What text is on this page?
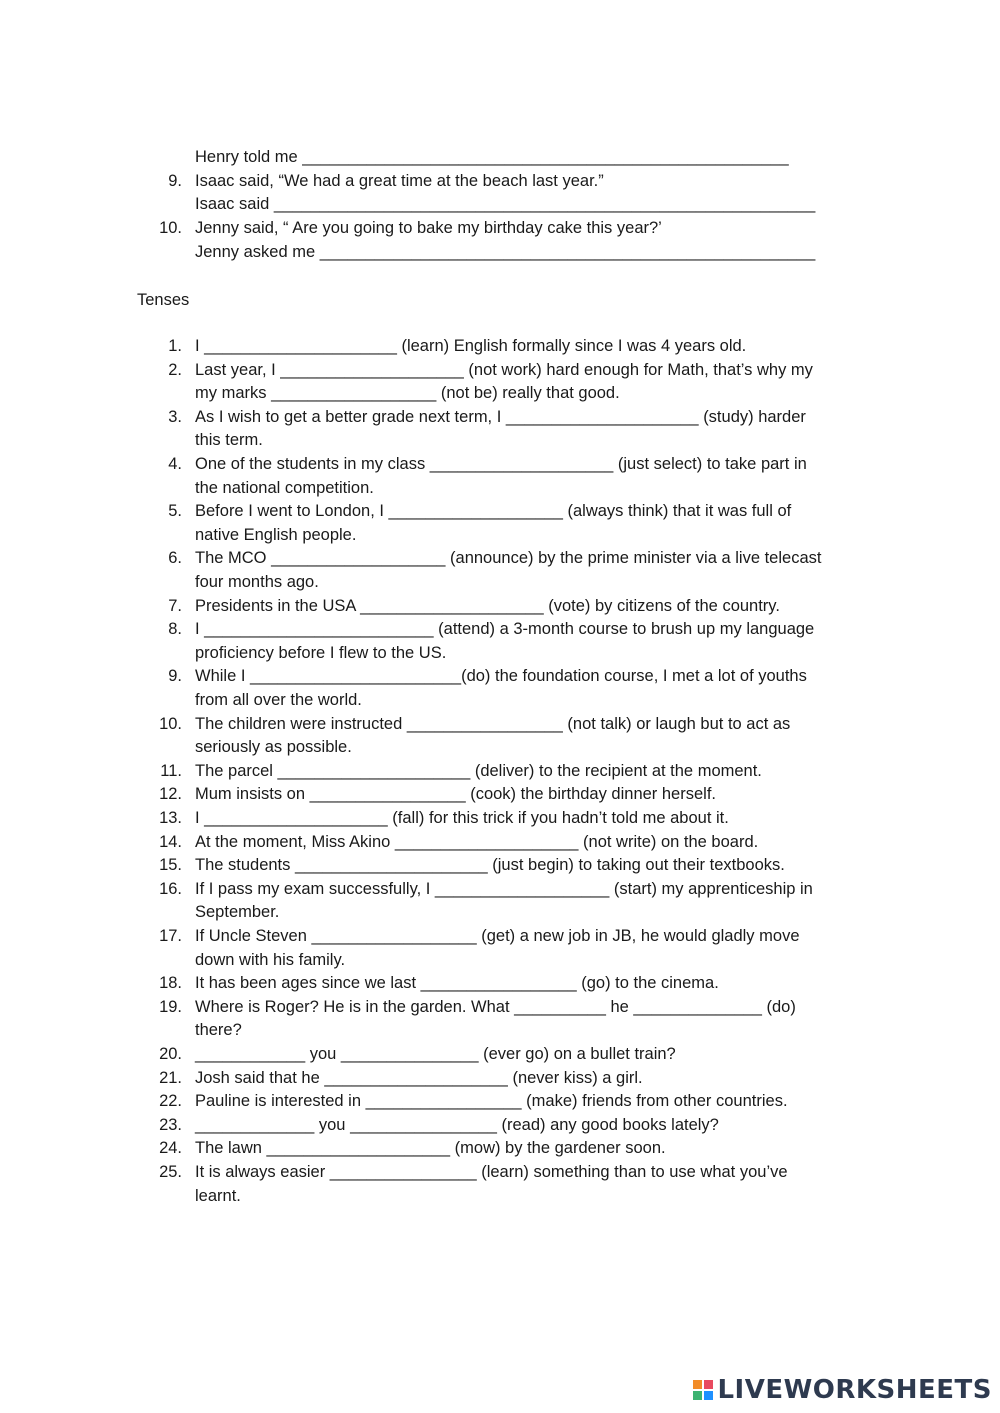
Henry told me _____________________________________________________
9. Isaac said, “We had a great time at the beach last year.”
Isaac said ___________________________________________________________
10. Jenny said, “ Are you going to bake my birthday cake this year?’
Jenny asked me ______________________________________________________
Tenses
1. I _____________________ (learn) English formally since I was 4 years old.
2. Last year, I ____________________ (not work) hard enough for Math, that’s why my
my marks __________________ (not be) really that good.
3. As I wish to get a better grade next term, I _____________________ (study) harder
this term.
4. One of the students in my class ____________________ (just select) to take part in
the national competition.
5. Before I went to London, I ___________________ (always think) that it was full of
native English people.
6. The MCO ___________________ (announce) by the prime minister via a live telecast
four months ago.
7. Presidents in the USA ____________________ (vote) by citizens of the country.
8. I _________________________ (attend) a 3-month course to brush up my language
proficiency before I flew to the US.
9. While I _______________________(do) the foundation course, I met a lot of youths
from all over the world.
10. The children were instructed _________________ (not talk) or laugh but to act as
seriously as possible.
11. The parcel _____________________ (deliver) to the recipient at the moment.
12. Mum insists on _________________ (cook) the birthday dinner herself.
13. I ____________________ (fall) for this trick if you hadn’t told me about it.
14. At the moment, Miss Akino ____________________ (not write) on the board.
15. The students _____________________ (just begin) to taking out their textbooks.
16. If I pass my exam successfully, I ___________________ (start) my apprenticeship in
September.
17. If Uncle Steven __________________ (get) a new job in JB, he would gladly move
down with his family.
18. It has been ages since we last _________________ (go) to the cinema.
19. Where is Roger? He is in the garden. What __________ he ______________ (do)
there?
20. ____________ you _______________ (ever go) on a bullet train?
21. Josh said that he ____________________ (never kiss) a girl.
22. Pauline is interested in _________________ (make) friends from other countries.
23. _____________ you ________________ (read) any good books lately?
24. The lawn ____________________ (mow) by the gardener soon.
25. It is always easier ________________ (learn) something than to use what you’ve
learnt.
LIVEWORKSHEETS
